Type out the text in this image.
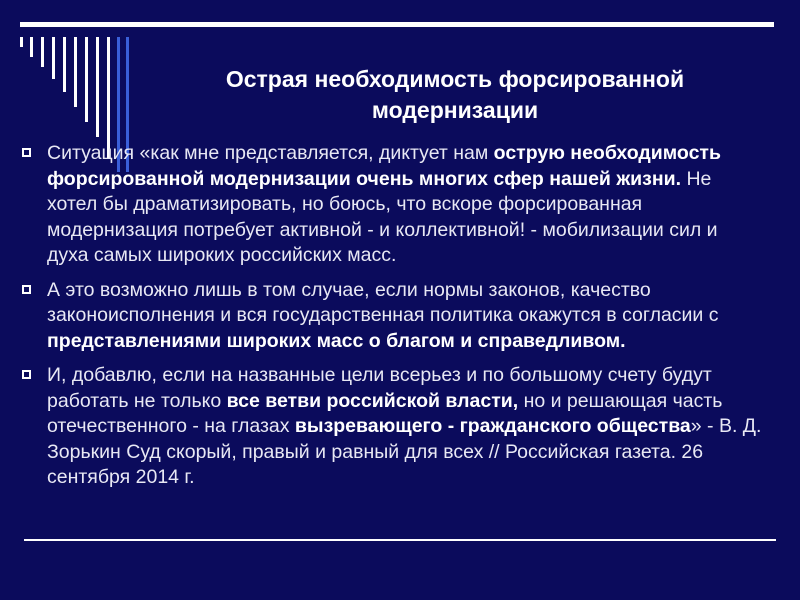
Острая необходимость форсированной модернизации
Ситуация «как мне представляется, диктует нам острую необходимость форсированной модернизации очень многих сфер нашей жизни. Не хотел бы драматизировать, но боюсь, что вскоре форсированная модернизация потребует активной - и коллективной! - мобилизации сил и духа самых широких российских масс.
А это возможно лишь в том случае, если нормы законов, качество законоисполнения и вся государственная политика окажутся в согласии с представлениями широких масс о благом и справедливом.
И, добавлю, если на названные цели всерьез и по большому счету будут работать не только все ветви российской власти, но и решающая часть отечественного - на глазах вызревающего - гражданского общества» - В. Д. Зорькин Суд скорый, правый и равный для всех // Российская газета. 26 сентября 2014 г.
